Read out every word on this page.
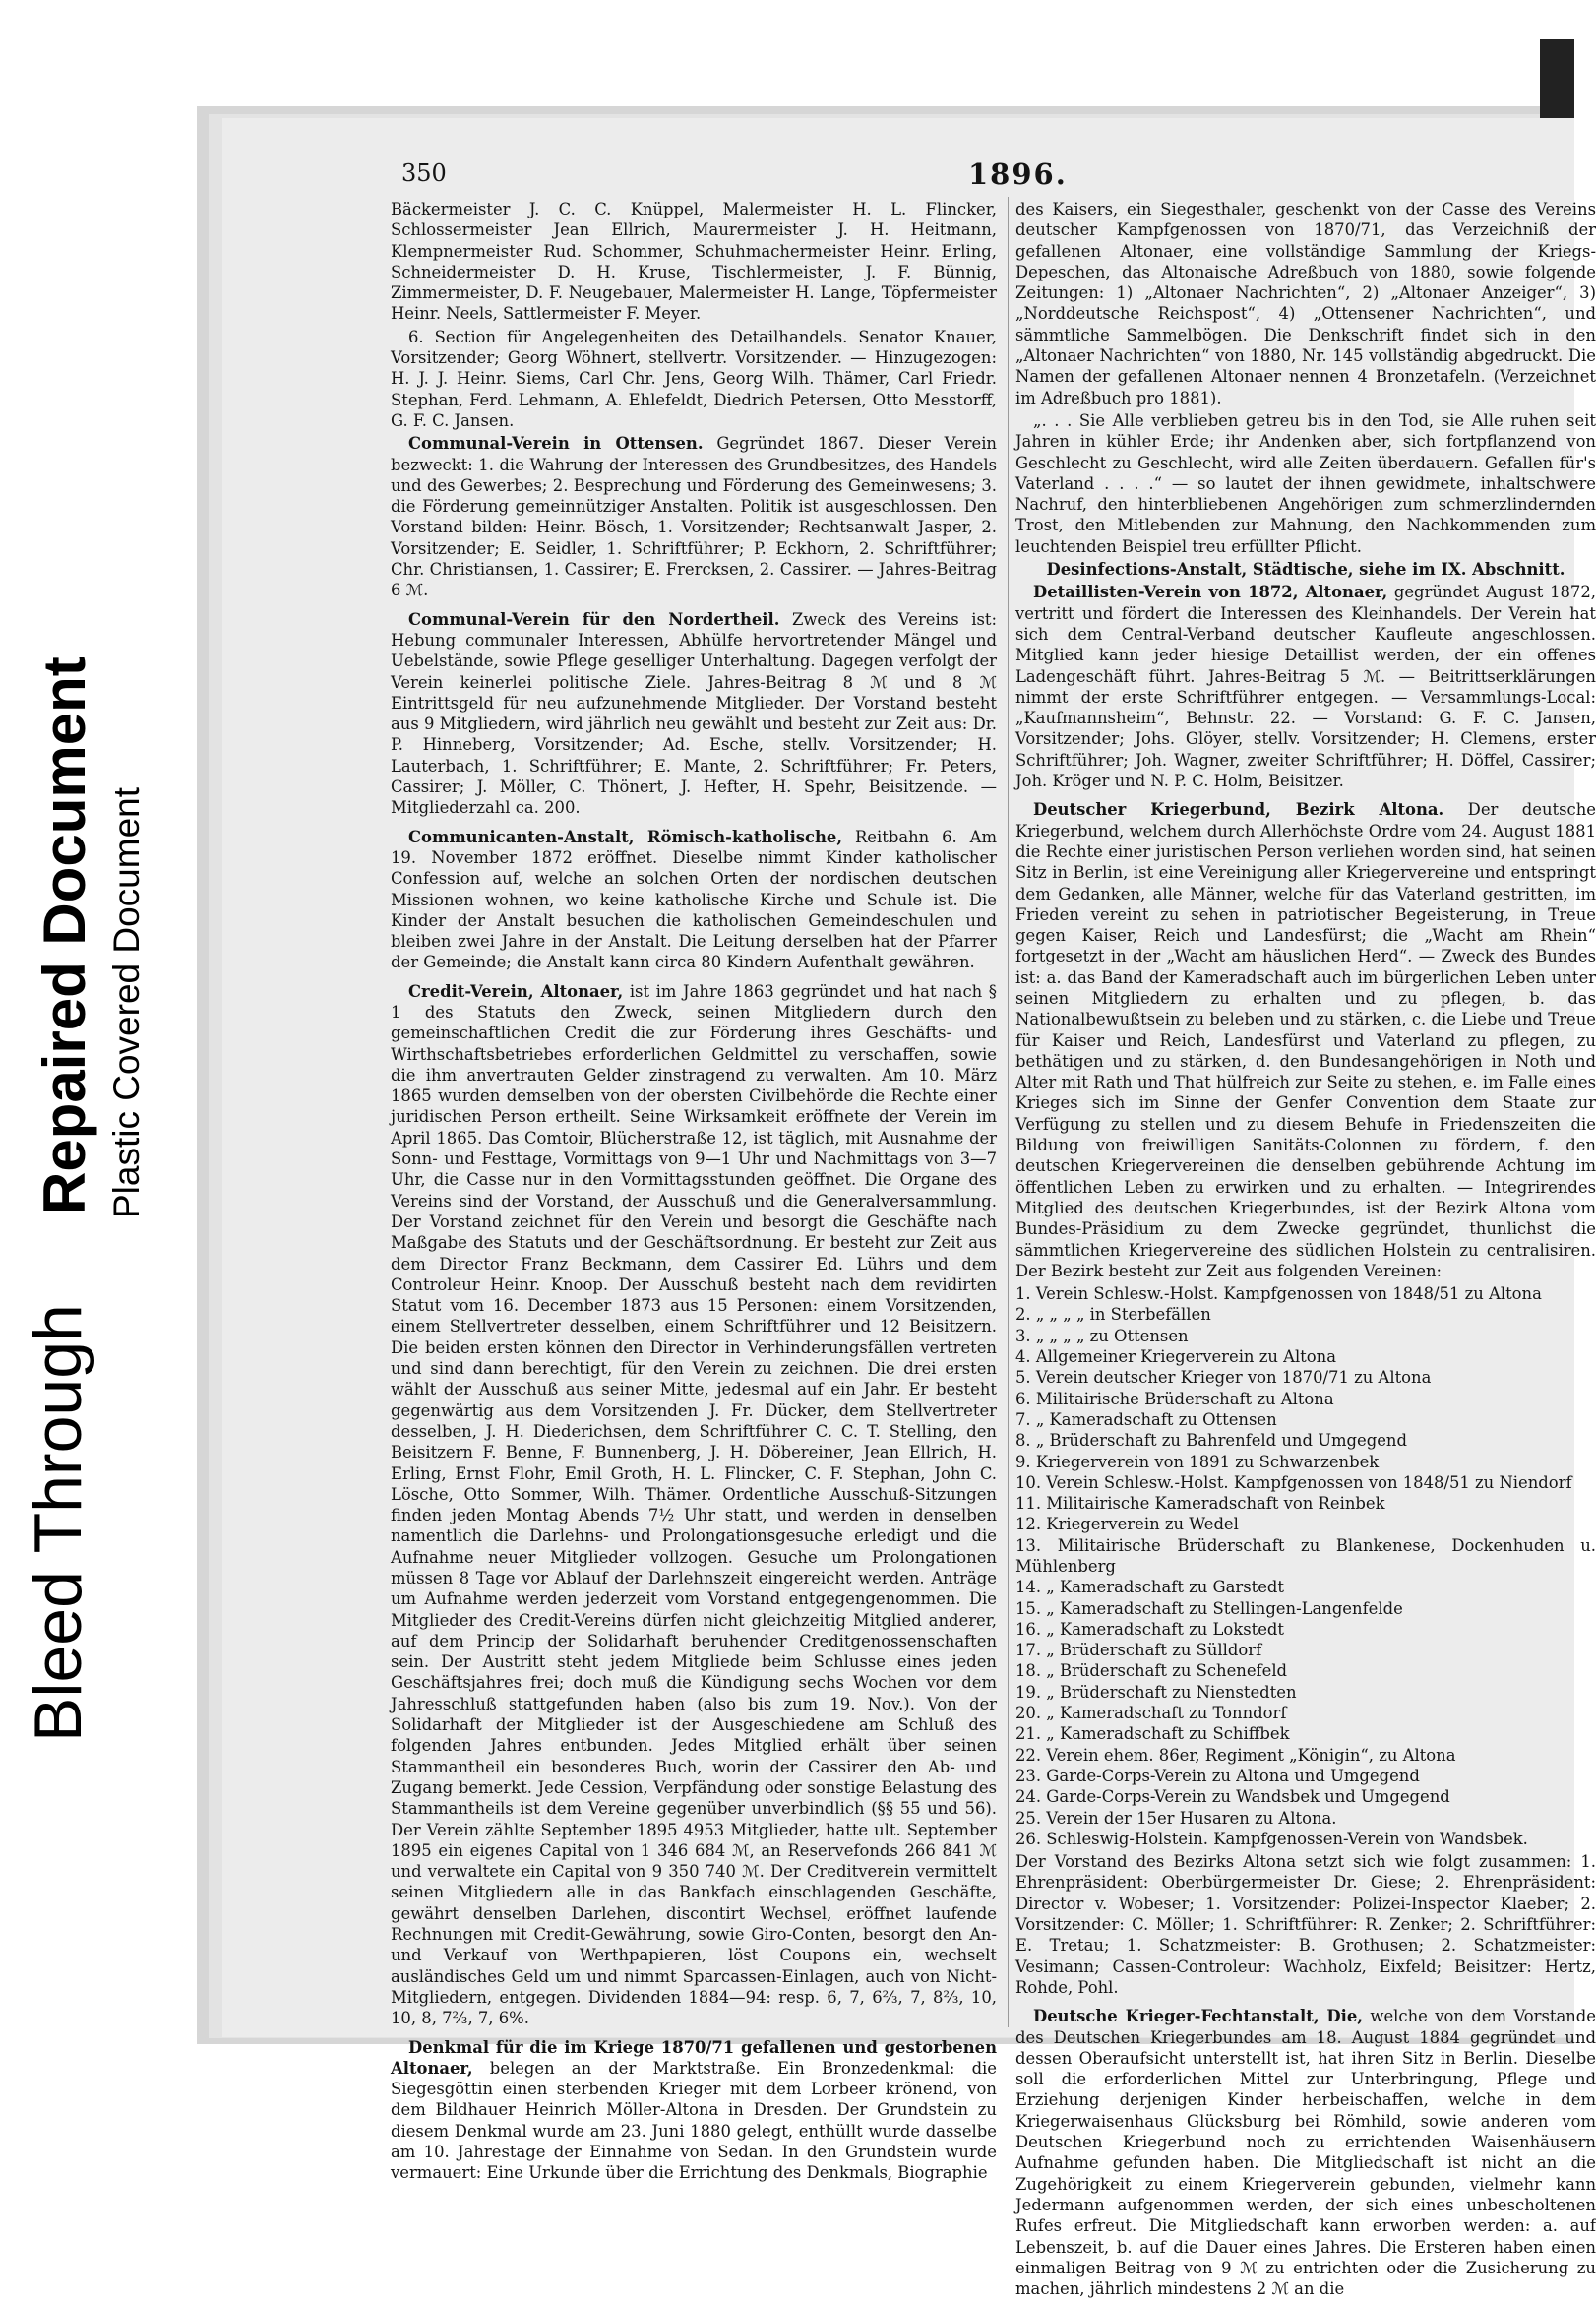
Bleed Through
Repaired Document Plastic Covered Document
350	1896.

Bäckermeister J. C. C. Knüppel, Malermeister H. L. Flincker, Schlossermeister Jean Ellrich, Maurermeister J. H. Heitmann, Klempnermeister Rud. Schommer, Schuhmachermeister Heinr. Erling, Schneidermeister D. H. Kruse, Tischlermeister, J. F. Bünnig, Zimmermeister, D. F. Neugebauer, Malermeister H. Lange, Töpfermeister Heinr. Neels, Sattlermeister F. Meyer.

6. Section für Angelegenheiten des Detailhandels. Senator Knauer, Vorsitzender; Georg Wöhnert, stellvertr. Vorsitzender. — Hinzugezogen: H. J. J. Heinr. Siems, Carl Chr. Jens, Georg Wilh. Thämer, Carl Friedr. Stephan, Ferd. Lehmann, A. Ehlefeldt, Diedrich Petersen, Otto Messtorff, G. F. C. Jansen.

Communal-Verein in Ottensen. Gegründet 1867. Dieser Verein bezweckt: 1. die Wahrung der Interessen des Grundbesitzes, des Handels und des Gewerbes; 2. Besprechung und Förderung des Gemeinwesens; 3. die Förderung gemeinnütziger Anstalten. Politik ist ausgeschlossen. Den Vorstand bilden: Heinr. Bösch, 1. Vorsitzender; Rechtsanwalt Jasper, 2. Vorsitzender; E. Seidler, 1. Schriftführer; P. Eckhorn, 2. Schriftführer; Chr. Christiansen, 1. Cassirer; E. Frercksen, 2. Cassirer. — Jahres-Beitrag 6 ℳ.

Communal-Verein für den Nordertheil. Zweck des Vereins ist: Hebung communaler Interessen, Abhülfe hervortretender Mängel und Uebelstände, sowie Pflege geselliger Unterhaltung. Dagegen verfolgt der Verein keinerlei politische Ziele. Jahres-Beitrag 8 ℳ und 8 ℳ Eintrittsgeld für neu aufzunehmende Mitglieder. Der Vorstand besteht aus 9 Mitgliedern, wird jährlich neu gewählt und besteht zur Zeit aus: Dr. P. Hinneberg, Vorsitzender; Ad. Esche, stellv. Vorsitzender; H. Lauterbach, 1. Schriftführer; E. Mante, 2. Schriftführer; Fr. Peters, Cassirer; J. Möller, C. Thönert, J. Hefter, H. Spehr, Beisitzende. — Mitgliederzahl ca. 200.

Communicanten-Anstalt, Römisch-katholische, Reitbahn 6. Am 19. November 1872 eröffnet. Dieselbe nimmt Kinder katholischer Confession auf, welche an solchen Orten der nordischen deutschen Missionen wohnen, wo keine katholische Kirche und Schule ist. Die Kinder der Anstalt besuchen die katholischen Gemeindeschulen und bleiben zwei Jahre in der Anstalt. Die Leitung derselben hat der Pfarrer der Gemeinde; die Anstalt kann circa 80 Kindern Aufenthalt gewähren.

Credit-Verein, Altonaer, ist im Jahre 1863 gegründet und hat nach § 1 des Statuts den Zweck, seinen Mitgliedern durch den gemeinschaftlichen Credit die zur Förderung ihres Geschäfts- und Wirthschaftsbetriebes erforderlichen Geldmittel zu verschaffen, sowie die ihm anvertrauten Gelder zinstragend zu verwalten. Am 10. März 1865 wurden demselben von der obersten Civilbehörde die Rechte einer juridischen Person ertheilt. Seine Wirksamkeit eröffnete der Verein im April 1865. Das Comtoir, Blücherstraße 12, ist täglich, mit Ausnahme der Sonn- und Festtage, Vormittags von 9—1 Uhr und Nachmittags von 3—7 Uhr, die Casse nur in den Vormittagsstunden geöffnet. Die Organe des Vereins sind der Vorstand, der Ausschuß und die Generalversammlung. Der Vorstand zeichnet für den Verein und besorgt die Geschäfte nach Maßgabe des Statuts und der Geschäftsordnung. Er besteht zur Zeit aus dem Director Franz Beckmann, dem Cassirer Ed. Lührs und dem Controleur Heinr. Knoop. Der Ausschuß besteht nach dem revidirten Statut vom 16. December 1873 aus 15 Personen: einem Vorsitzenden, einem Stellvertreter desselben, einem Schriftführer und 12 Beisitzern. Die beiden ersten können den Director in Verhinderungsfällen vertreten und sind dann berechtigt, für den Verein zu zeichnen. Die drei ersten wählt der Ausschuß aus seiner Mitte, jedesmal auf ein Jahr. Er besteht gegenwärtig aus dem Vorsitzenden J. Fr. Dücker, dem Stellvertreter desselben, J. H. Diederichsen, dem Schriftführer C. C. T. Stelling, den Beisitzern F. Benne, F. Bunnenberg, J. H. Döbereiner, Jean Ellrich, H. Erling, Ernst Flohr, Emil Groth, H. L. Flincker, C. F. Stephan, John C. Lösche, Otto Sommer, Wilh. Thämer. Ordentliche Ausschuß-Sitzungen finden jeden Montag Abends 7½ Uhr statt, und werden in denselben namentlich die Darlehns- und Prolongationsgesuche erledigt und die Aufnahme neuer Mitglieder vollzogen. Gesuche um Prolongationen müssen 8 Tage vor Ablauf der Darlehnszeit eingereicht werden. Anträge um Aufnahme werden jederzeit vom Vorstand entgegengenommen. Die Mitglieder des Credit-Vereins dürfen nicht gleichzeitig Mitglied anderer, auf dem Princip der Solidarhaft beruhender Creditgenossenschaften sein. Der Austritt steht jedem Mitgliede beim Schlusse eines jeden Geschäftsjahres frei; doch muß die Kündigung sechs Wochen vor dem Jahresschluß stattgefunden haben (also bis zum 19. Nov.). Von der Solidarhaft der Mitglieder ist der Ausgeschiedene am Schluß des folgenden Jahres entbunden. Jedes Mitglied erhält über seinen Stammantheil ein besonderes Buch, worin der Cassirer den Ab- und Zugang bemerkt. Jede Cession, Verpfändung oder sonstige Belastung des Stammantheils ist dem Vereine gegenüber unverbindlich (§§ 55 und 56). Der Verein zählte September 1895 4953 Mitglieder, hatte ult. September 1895 ein eigenes Capital von 1 346 684 ℳ, an Reservefonds 266 841 ℳ und verwaltete ein Capital von 9 350 740 ℳ. Der Creditverein vermittelt seinen Mitgliedern alle in das Bankfach einschlagenden Geschäfte, gewährt denselben Darlehen, discontirt Wechsel, eröffnet laufende Rechnungen mit Credit-Gewährung, sowie Giro-Conten, besorgt den An- und Verkauf von Werthpapieren, löst Coupons ein, wechselt ausländisches Geld um und nimmt Sparcassen-Einlagen, auch von Nicht-Mitgliedern, entgegen. Dividenden 1884—94: resp. 6, 7, 6⅔, 7, 8⅔, 10, 10, 8, 7⅔, 7, 6%.

Denkmal für die im Kriege 1870/71 gefallenen und gestorbenen Altonaer, belegen an der Marktstraße. Ein Bronzedenkmal: die Siegesgöttin einen sterbenden Krieger mit dem Lorbeer krönend, von dem Bildhauer Heinrich Möller-Altona in Dresden. Der Grundstein zu diesem Denkmal wurde am 23. Juni 1880 gelegt, enthüllt wurde dasselbe am 10. Jahrestage der Einnahme von Sedan. In den Grundstein wurde vermauert: Eine Urkunde über die Errichtung des Denkmals, Biographie

des Kaisers, ein Siegesthaler, geschenkt von der Casse des Vereins deutscher Kampfgenossen von 1870/71, das Verzeichniß der gefallenen Altonaer, eine vollständige Sammlung der Kriegs-Depeschen, das Altonaische Adreßbuch von 1880, sowie folgende Zeitungen: 1) „Altonaer Nachrichten“, 2) „Altonaer Anzeiger“, 3) „Norddeutsche Reichspost“, 4) „Ottensener Nachrichten“, und sämmtliche Sammelbögen. Die Denkschrift findet sich in den „Altonaer Nachrichten“ von 1880, Nr. 145 vollständig abgedruckt. Die Namen der gefallenen Altonaer nennen 4 Bronzetafeln. (Verzeichnet im Adreßbuch pro 1881).

„. . . Sie Alle verblieben getreu bis in den Tod, sie Alle ruhen seit Jahren in kühler Erde; ihr Andenken aber, sich fortpflanzend von Geschlecht zu Geschlecht, wird alle Zeiten überdauern. Gefallen für's Vaterland . . . .“ — so lautet der ihnen gewidmete, inhaltschwere Nachruf, den hinterbliebenen Angehörigen zum schmerzlindernden Trost, den Mitlebenden zur Mahnung, den Nachkommenden zum leuchtenden Beispiel treu erfüllter Pflicht.

Desinfections-Anstalt, Städtische, siehe im IX. Abschnitt.

Detaillisten-Verein von 1872, Altonaer, gegründet August 1872, vertritt und fördert die Interessen des Kleinhandels. Der Verein hat sich dem Central-Verband deutscher Kaufleute angeschlossen. Mitglied kann jeder hiesige Detaillist werden, der ein offenes Ladengeschäft führt. Jahres-Beitrag 5 ℳ. — Beitrittserklärungen nimmt der erste Schriftführer entgegen. — Versammlungs-Local: „Kaufmannsheim“, Behnstr. 22. — Vorstand: G. F. C. Jansen, Vorsitzender; Johs. Glöyer, stellv. Vorsitzender; H. Clemens, erster Schriftführer; Joh. Wagner, zweiter Schriftführer; H. Döffel, Cassirer; Joh. Kröger und N. P. C. Holm, Beisitzer.

Deutscher Kriegerbund, Bezirk Altona. Der deutsche Kriegerbund, welchem durch Allerhöchste Ordre vom 24. August 1881 die Rechte einer juristischen Person verliehen worden sind, hat seinen Sitz in Berlin, ist eine Vereinigung aller Kriegervereine und entspringt dem Gedanken, alle Männer, welche für das Vaterland gestritten, im Frieden vereint zu sehen in patriotischer Begeisterung, in Treue gegen Kaiser, Reich und Landesfürst; die „Wacht am Rhein“ fortgesetzt in der „Wacht am häuslichen Herd“. — Zweck des Bundes ist: a. das Band der Kameradschaft auch im bürgerlichen Leben unter seinen Mitgliedern zu erhalten und zu pflegen, b. das Nationalbewußtsein zu beleben und zu stärken, c. die Liebe und Treue für Kaiser und Reich, Landesfürst und Vaterland zu pflegen, zu bethätigen und zu stärken, d. den Bundesangehörigen in Noth und Alter mit Rath und That hülfreich zur Seite zu stehen, e. im Falle eines Krieges sich im Sinne der Genfer Convention dem Staate zur Verfügung zu stellen und zu diesem Behufe in Friedenszeiten die Bildung von freiwilligen Sanitäts-Colonnen zu fördern, f. den deutschen Kriegervereinen die denselben gebührende Achtung im öffentlichen Leben zu erwirken und zu erhalten. — Integrirendes Mitglied des deutschen Kriegerbundes, ist der Bezirk Altona vom Bundes-Präsidium zu dem Zwecke gegründet, thunlichst die sämmtlichen Kriegervereine des südlichen Holstein zu centralisiren. Der Bezirk besteht zur Zeit aus folgenden Vereinen:

1. Verein Schlesw.-Holst. Kampfgenossen von 1848/51 zu Altona
2. „ „ „ „ in Sterbefällen
3. „ „ „ „ zu Ottensen
4. Allgemeiner Kriegerverein zu Altona
5. Verein deutscher Krieger von 1870/71 zu Altona
6. Militairische Brüderschaft zu Altona
7. „ Kameradschaft zu Ottensen
8. „ Brüderschaft zu Bahrenfeld und Umgegend
9. Kriegerverein von 1891 zu Schwarzenbek
10. Verein Schlesw.-Holst. Kampfgenossen von 1848/51 zu Niendorf
11. Militairische Kameradschaft von Reinbek
12. Kriegerverein zu Wedel
13. Militairische Brüderschaft zu Blankenese, Dockenhuden u. Mühlenberg
14. „ Kameradschaft zu Garstedt
15. „ Kameradschaft zu Stellingen-Langenfelde
16. „ Kameradschaft zu Lokstedt
17. „ Brüderschaft zu Sülldorf
18. „ Brüderschaft zu Schenefeld
19. „ Brüderschaft zu Nienstedten
20. „ Kameradschaft zu Tonndorf
21. „ Kameradschaft zu Schiffbek
22. Verein ehem. 86er, Regiment „Königin“, zu Altona
23. Garde-Corps-Verein zu Altona und Umgegend
24. Garde-Corps-Verein zu Wandsbek und Umgegend
25. Verein der 15er Husaren zu Altona.
26. Schleswig-Holstein. Kampfgenossen-Verein von Wandsbek.

Der Vorstand des Bezirks Altona setzt sich wie folgt zusammen: 1. Ehrenpräsident: Oberbürgermeister Dr. Giese; 2. Ehrenpräsident: Director v. Wobeser; 1. Vorsitzender: Polizei-Inspector Klaeber; 2. Vorsitzender: C. Möller; 1. Schriftführer: R. Zenker; 2. Schriftführer: E. Tretau; 1. Schatzmeister: B. Grothusen; 2. Schatzmeister: Vesimann; Cassen-Controleur: Wachholz, Eixfeld; Beisitzer: Hertz, Rohde, Pohl.

Deutsche Krieger-Fechtanstalt, Die, welche von dem Vorstande des Deutschen Kriegerbundes am 18. August 1884 gegründet und dessen Oberaufsicht unterstellt ist, hat ihren Sitz in Berlin. Dieselbe soll die erforderlichen Mittel zur Unterbringung, Pflege und Erziehung derjenigen Kinder herbeischaffen, welche in dem Kriegerwaisenhaus Glücksburg bei Römhild, sowie anderen vom Deutschen Kriegerbund noch zu errichtenden Waisenhäusern Aufnahme gefunden haben. Die Mitgliedschaft ist nicht an die Zugehörigkeit zu einem Kriegerverein gebunden, vielmehr kann Jedermann aufgenommen werden, der sich eines unbescholtenen Rufes erfreut. Die Mitgliedschaft kann erworben werden: a. auf Lebenszeit, b. auf die Dauer eines Jahres. Die Ersteren haben einen einmaligen Beitrag von 9 ℳ zu entrichten oder die Zusicherung zu machen, jährlich mindestens 2 ℳ an die
